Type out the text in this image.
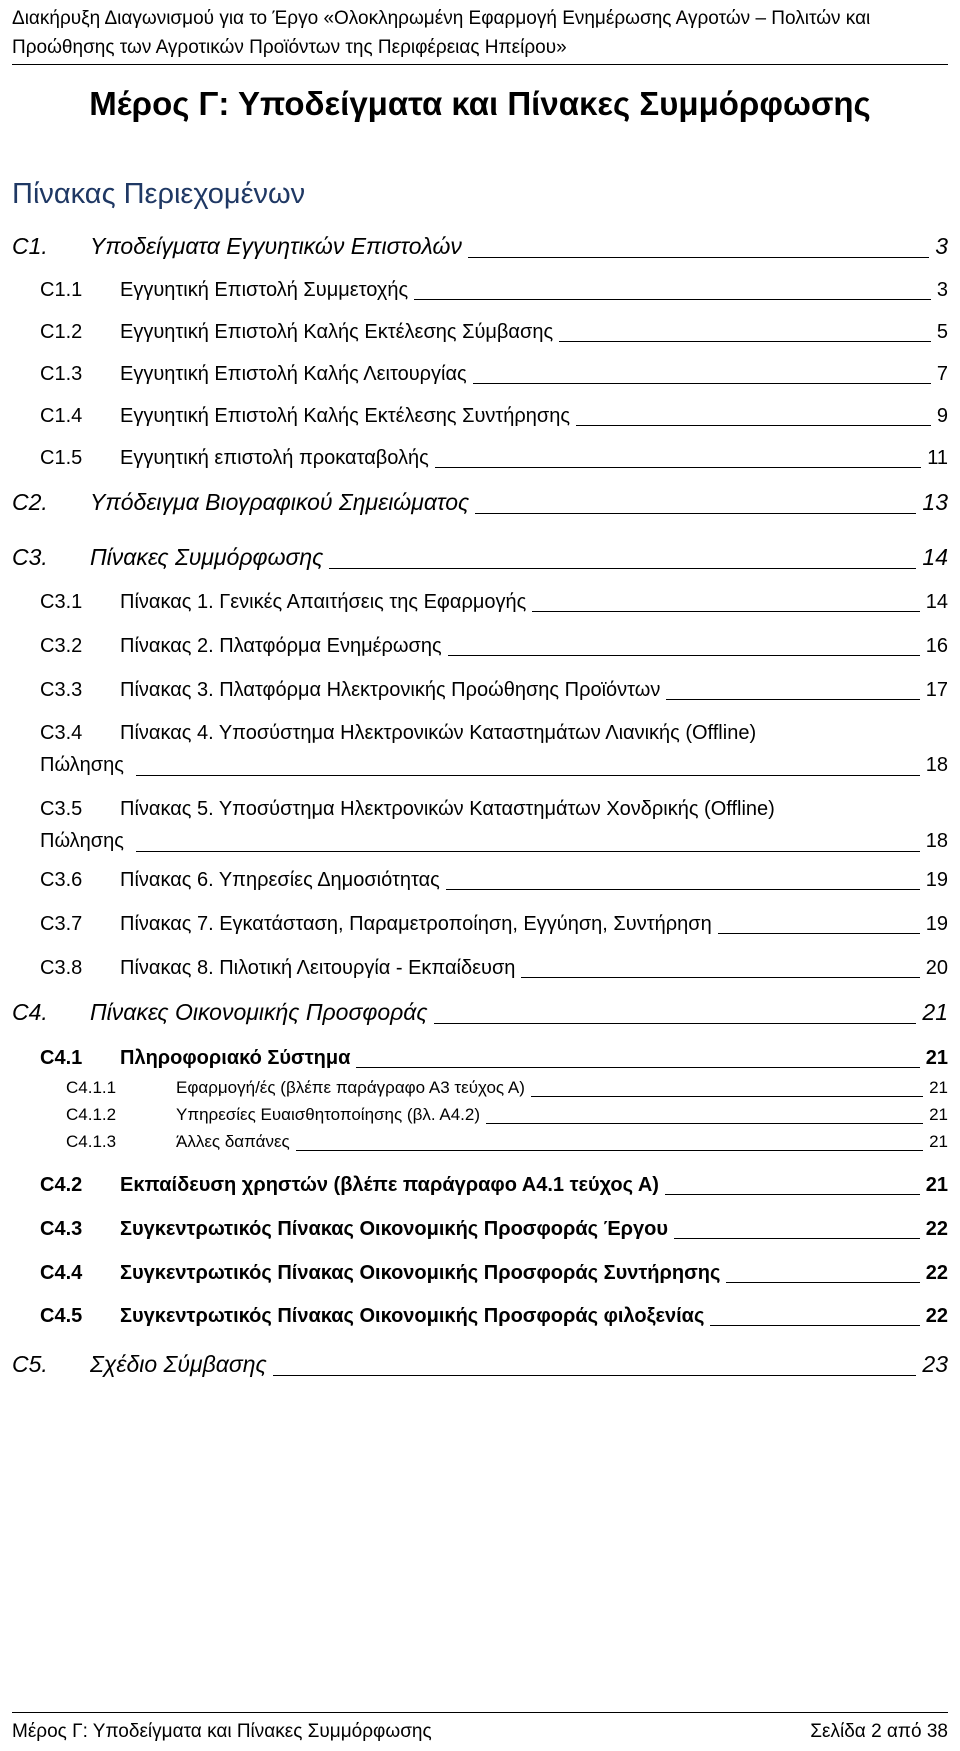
Διακήρυξη Διαγωνισμού για το Έργο «Ολοκληρωμένη Εφαρμογή Ενημέρωσης Αγροτών – Πολιτών και Προώθησης των Αγροτικών Προϊόντων της Περιφέρειας Ηπείρου»
Μέρος Γ: Υποδείγματα και Πίνακες Συμμόρφωσης
Πίνακας Περιεχομένων
C1.	Υποδείγματα Εγγυητικών Επιστολών	3
C1.1	Εγγυητική Επιστολή Συμμετοχής	3
C1.2	Εγγυητική Επιστολή Καλής Εκτέλεσης Σύμβασης	5
C1.3	Εγγυητική Επιστολή Καλής Λειτουργίας	7
C1.4	Εγγυητική Επιστολή Καλής Εκτέλεσης Συντήρησης	9
C1.5	Εγγυητική επιστολή προκαταβολής	11
C2.	Υπόδειγμα Βιογραφικού Σημειώματος	13
C3.	Πίνακες Συμμόρφωσης	14
C3.1	Πίνακας 1. Γενικές Απαιτήσεις της Εφαρμογής	14
C3.2	Πίνακας 2. Πλατφόρμα Ενημέρωσης	16
C3.3	Πίνακας 3. Πλατφόρμα Ηλεκτρονικής Προώθησης Προϊόντων	17
C3.4	Πίνακας 4. Υποσύστημα Ηλεκτρονικών Καταστημάτων Λιανικής (Offline)
Πώλησης	18
C3.5	Πίνακας 5. Υποσύστημα Ηλεκτρονικών Καταστημάτων Χονδρικής (Offline)
Πώλησης	18
C3.6	Πίνακας 6. Υπηρεσίες Δημοσιότητας	19
C3.7	Πίνακας 7. Εγκατάσταση, Παραμετροποίηση, Εγγύηση, Συντήρηση	19
C3.8	Πίνακας 8. Πιλοτική Λειτουργία - Εκπαίδευση	20
C4.	Πίνακες Οικονομικής Προσφοράς	21
C4.1	Πληροφοριακό Σύστημα	21
C4.1.1	Εφαρμογή/ές (βλέπε παράγραφο Α3 τεύχος Α)	21
C4.1.2	Υπηρεσίες Ευαισθητοποίησης (βλ. Α4.2)	21
C4.1.3	Άλλες δαπάνες	21
C4.2	Εκπαίδευση χρηστών (βλέπε παράγραφο Α4.1 τεύχος Α)	21
C4.3	Συγκεντρωτικός Πίνακας Οικονομικής Προσφοράς Έργου	22
C4.4	Συγκεντρωτικός Πίνακας Οικονομικής Προσφοράς Συντήρησης	22
C4.5	Συγκεντρωτικός Πίνακας Οικονομικής Προσφοράς φιλοξενίας	22
C5.	Σχέδιο Σύμβασης	23
Μέρος Γ: Υποδείγματα και Πίνακες Συμμόρφωσης	Σελίδα 2 από 38
